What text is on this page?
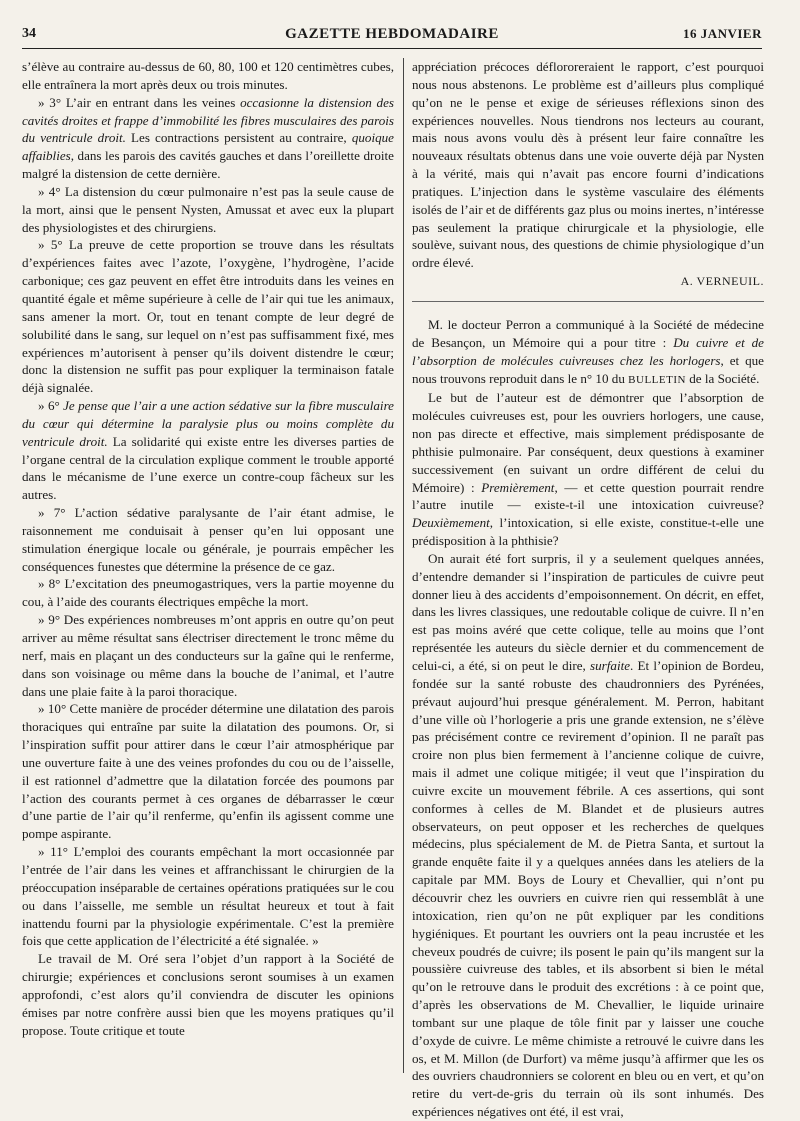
34	GAZETTE HEBDOMADAIRE	16 JANVIER

s’élève au contraire au-dessus de 60, 80, 100 et 120 centimètres cubes, elle entraînera la mort après deux ou trois minutes.

» 3° L’air en entrant dans les veines occasionne la distension des cavités droites et frappe d’immobilité les fibres musculaires des parois du ventricule droit. Les contractions persistent au contraire, quoique affaiblies, dans les parois des cavités gauches et dans l’oreillette droite malgré la distension de cette dernière.

» 4° La distension du cœur pulmonaire n’est pas la seule cause de la mort, ainsi que le pensent Nysten, Amussat et avec eux la plupart des physiologistes et des chirurgiens.

» 5° La preuve de cette proportion se trouve dans les résultats d’expériences faites avec l’azote, l’oxygène, l’hydrogène, l’acide carbonique; ces gaz peuvent en effet être introduits dans les veines en quantité égale et même supérieure à celle de l’air qui tue les animaux, sans amener la mort. Or, tout en tenant compte de leur degré de solubilité dans le sang, sur lequel on n’est pas suffisamment fixé, mes expériences m’autorisent à penser qu’ils doivent distendre le cœur; donc la distension ne suffit pas pour expliquer la terminaison fatale déjà signalée.

» 6° Je pense que l’air a une action sédative sur la fibre musculaire du cœur qui détermine la paralysie plus ou moins complète du ventricule droit. La solidarité qui existe entre les diverses parties de l’organe central de la circulation explique comment le trouble apporté dans le mécanisme de l’une exerce un contre-coup fâcheux sur les autres.

» 7° L’action sédative paralysante de l’air étant admise, le raisonnement me conduisait à penser qu’en lui opposant une stimulation énergique locale ou générale, je pourrais empêcher les conséquences funestes que détermine la présence de ce gaz.

» 8° L’excitation des pneumogastriques, vers la partie moyenne du cou, à l’aide des courants électriques empêche la mort.

» 9° Des expériences nombreuses m’ont appris en outre qu’on peut arriver au même résultat sans électriser directement le tronc même du nerf, mais en plaçant un des conducteurs sur la gaîne qui le renferme, dans son voisinage ou même dans la bouche de l’animal, et l’autre dans une plaie faite à la paroi thoracique.

» 10° Cette manière de procéder détermine une dilatation des parois thoraciques qui entraîne par suite la dilatation des poumons. Or, si l’inspiration suffit pour attirer dans le cœur l’air atmosphérique par une ouverture faite à une des veines profondes du cou ou de l’aisselle, il est rationnel d’admettre que la dilatation forcée des poumons par l’action des courants permet à ces organes de débarrasser le cœur d’une partie de l’air qu’il renferme, qu’enfin ils agissent comme une pompe aspirante.

» 11° L’emploi des courants empêchant la mort occasionnée par l’entrée de l’air dans les veines et affranchissant le chirurgien de la préoccupation inséparable de certaines opérations pratiquées sur le cou ou dans l’aisselle, me semble un résultat heureux et tout à fait inattendu fourni par la physiologie expérimentale. C’est la première fois que cette application de l’électricité a été signalée. »

Le travail de M. Oré sera l’objet d’un rapport à la Société de chirurgie; expériences et conclusions seront soumises à un examen approfondi, c’est alors qu’il conviendra de discuter les opinions émises par notre confrère aussi bien que les moyens pratiques qu’il propose. Toute critique et toute

appréciation précoces déflororeraient le rapport, c’est pourquoi nous nous abstenons. Le problème est d’ailleurs plus compliqué qu’on ne le pense et exige de sérieuses réflexions sinon des expériences nouvelles. Nous tiendrons nos lecteurs au courant, mais nous avons voulu dès à présent leur faire connaître les nouveaux résultats obtenus dans une voie ouverte déjà par Nysten à la vérité, mais qui n’avait pas encore fourni d’indications pratiques. L’injection dans le système vasculaire des éléments isolés de l’air et de différents gaz plus ou moins inertes, n’intéresse pas seulement la pratique chirurgicale et la physiologie, elle soulève, suivant nous, des questions de chimie physiologique d’un ordre élevé.

A. VERNEUIL.

M. le docteur Perron a communiqué à la Société de médecine de Besançon, un Mémoire qui a pour titre : Du cuivre et de l’absorption de molécules cuivreuses chez les horlogers, et que nous trouvons reproduit dans le n° 10 du BULLETIN de la Société.

Le but de l’auteur est de démontrer que l’absorption de molécules cuivreuses est, pour les ouvriers horlogers, une cause, non pas directe et effective, mais simplement prédisposante de phthisie pulmonaire. Par conséquent, deux questions à examiner successivement (en suivant un ordre différent de celui du Mémoire) : Premièrement, — et cette question pourrait rendre l’autre inutile — existe-t-il une intoxication cuivreuse? Deuxièmement, l’intoxication, si elle existe, constitue-t-elle une prédisposition à la phthisie?

On aurait été fort surpris, il y a seulement quelques années, d’entendre demander si l’inspiration de particules de cuivre peut donner lieu à des accidents d’empoisonnement. On décrit, en effet, dans les livres classiques, une redoutable colique de cuivre. Il n’en est pas moins avéré que cette colique, telle au moins que l’ont représentée les auteurs du siècle dernier et du commencement de celui-ci, a été, si on peut le dire, surfaite. Et l’opinion de Bordeu, fondée sur la santé robuste des chaudronniers des Pyrénées, prévaut aujourd’hui presque généralement. M. Perron, habitant d’une ville où l’horlogerie a pris une grande extension, ne s’élève pas précisément contre ce revirement d’opinion. Il ne paraît pas croire non plus bien fermement à l’ancienne colique de cuivre, mais il admet une colique mitigée; il veut que l’inspiration du cuivre excite un mouvement fébrile. A ces assertions, qui sont conformes à celles de M. Blandet et de plusieurs autres observateurs, on peut opposer et les recherches de quelques médecins, plus spécialement de M. de Pietra Santa, et surtout la grande enquête faite il y a quelques années dans les ateliers de la capitale par MM. Boys de Loury et Chevallier, qui n’ont pu découvrir chez les ouvriers en cuivre rien qui ressemblât à une intoxication, rien qu’on ne pût expliquer par les conditions hygiéniques. Et pourtant les ouvriers ont la peau incrustée et les cheveux poudrés de cuivre; ils posent le pain qu’ils mangent sur la poussière cuivreuse des tables, et ils absorbent si bien le métal qu’on le retrouve dans le produit des excrétions : à ce point que, d’après les observations de M. Chevallier, le liquide urinaire tombant sur une plaque de tôle finit par y laisser une couche d’oxyde de cuivre. Le même chimiste a retrouvé le cuivre dans les os, et M. Millon (de Durfort) va même jusqu’à affirmer que les os des ouvriers chaudronniers se colorent en bleu ou en vert, et qu’on retire du vert-de-gris du terrain où ils sont inhumés. Des expériences négatives ont été, il est vrai,
